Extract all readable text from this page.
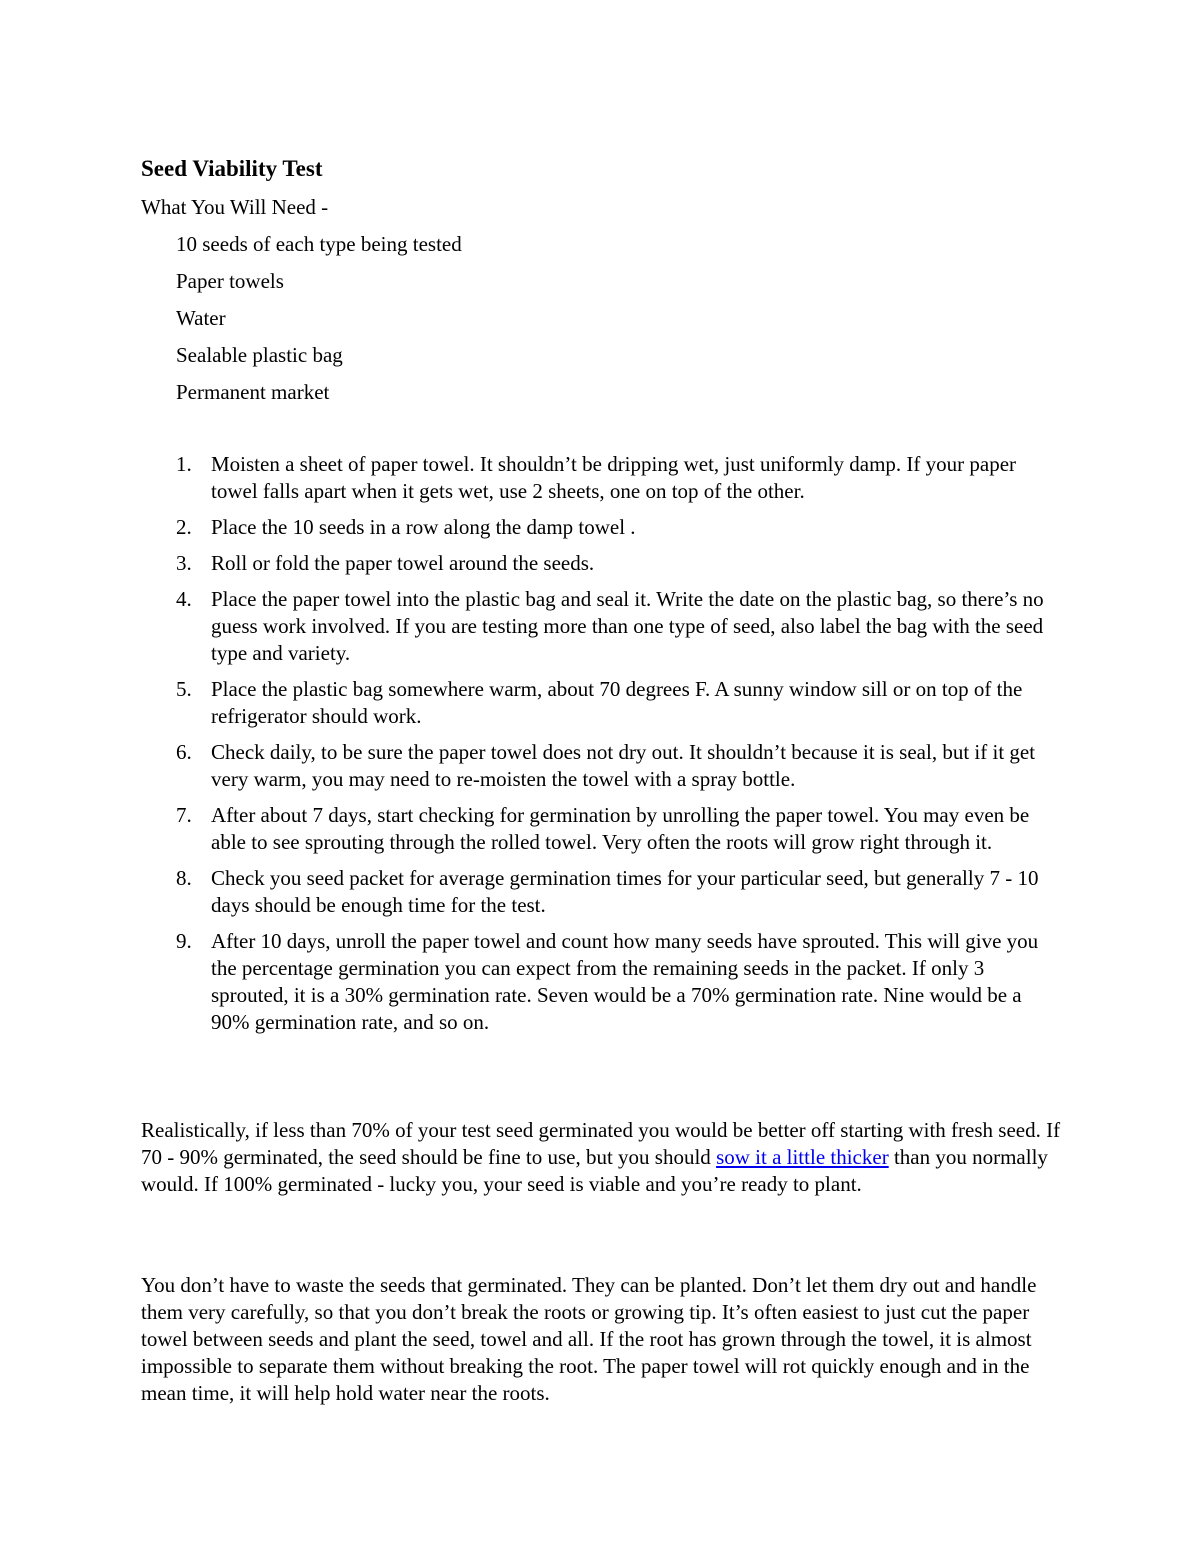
Seed Viability Test

What You Will Need -

10 seeds of each type being tested
Paper towels
Water
Sealable plastic bag
Permanent market
1. Moisten a sheet of paper towel. It shouldn’t be dripping wet, just uniformly damp. If your paper towel falls apart when it gets wet, use 2 sheets, one on top of the other.
2. Place the 10 seeds in a row along the damp towel .
3. Roll or fold the paper towel around the seeds.
4. Place the paper towel into the plastic bag and seal it. Write the date on the plastic bag, so there’s no guess work involved. If you are testing more than one type of seed, also label the bag with the seed type and variety.
5. Place the plastic bag somewhere warm, about 70 degrees F. A sunny window sill or on top of the refrigerator should work.
6. Check daily, to be sure the paper towel does not dry out. It shouldn’t because it is seal, but if it get very warm, you may need to re-moisten the towel with a spray bottle.
7. After about 7 days, start checking for germination by unrolling the paper towel. You may even be able to see sprouting through the rolled towel. Very often the roots will grow right through it.
8. Check you seed packet for average germination times for your particular seed, but generally 7 - 10 days should be enough time for the test.
9. After 10 days, unroll the paper towel and count how many seeds have sprouted. This will give you the percentage germination you can expect from the remaining seeds in the packet. If only 3 sprouted, it is a 30% germination rate. Seven would be a 70% germination rate. Nine would be a 90% germination rate, and so on.

Realistically, if less than 70% of your test seed germinated you would be better off starting with fresh seed. If 70 - 90% germinated, the seed should be fine to use, but you should sow it a little thicker than you normally would. If 100% germinated - lucky you, your seed is viable and you’re ready to plant.

You don’t have to waste the seeds that germinated. They can be planted. Don’t let them dry out and handle them very carefully, so that you don’t break the roots or growing tip. It’s often easiest to just cut the paper towel between seeds and plant the seed, towel and all. If the root has grown through the towel, it is almost impossible to separate them without breaking the root. The paper towel will rot quickly enough and in the mean time, it will help hold water near the roots.
